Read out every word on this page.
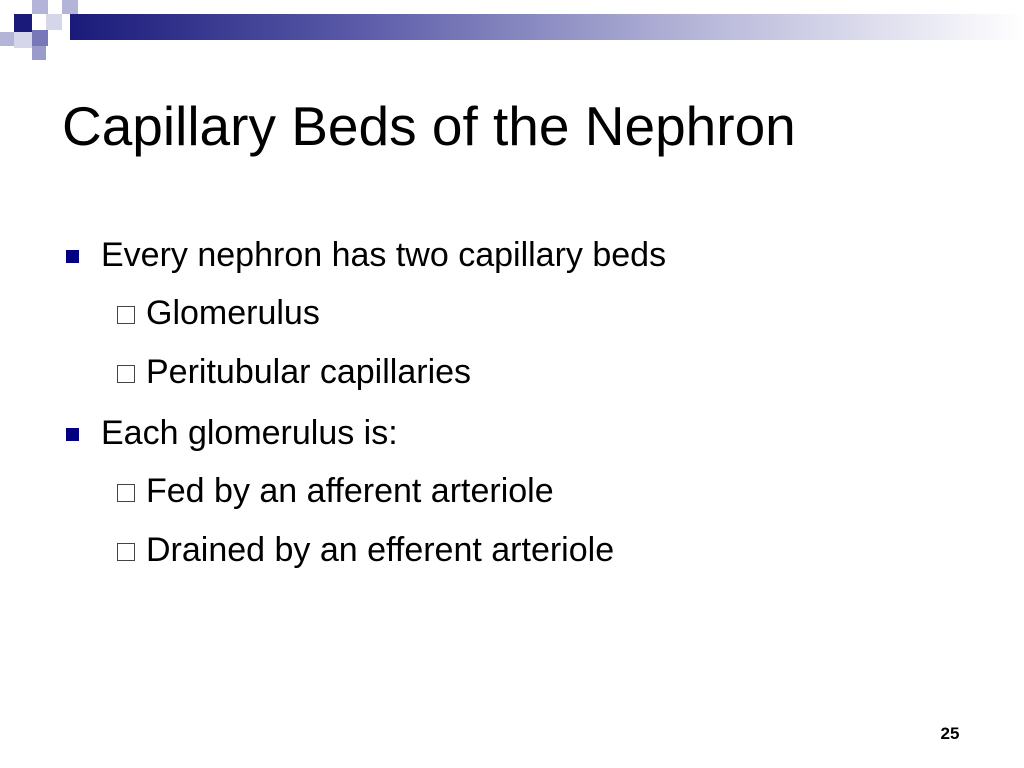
Capillary Beds of the Nephron
Every nephron has two capillary beds
Glomerulus
Peritubular capillaries
Each glomerulus is:
Fed by an afferent arteriole
Drained by an efferent arteriole
25
